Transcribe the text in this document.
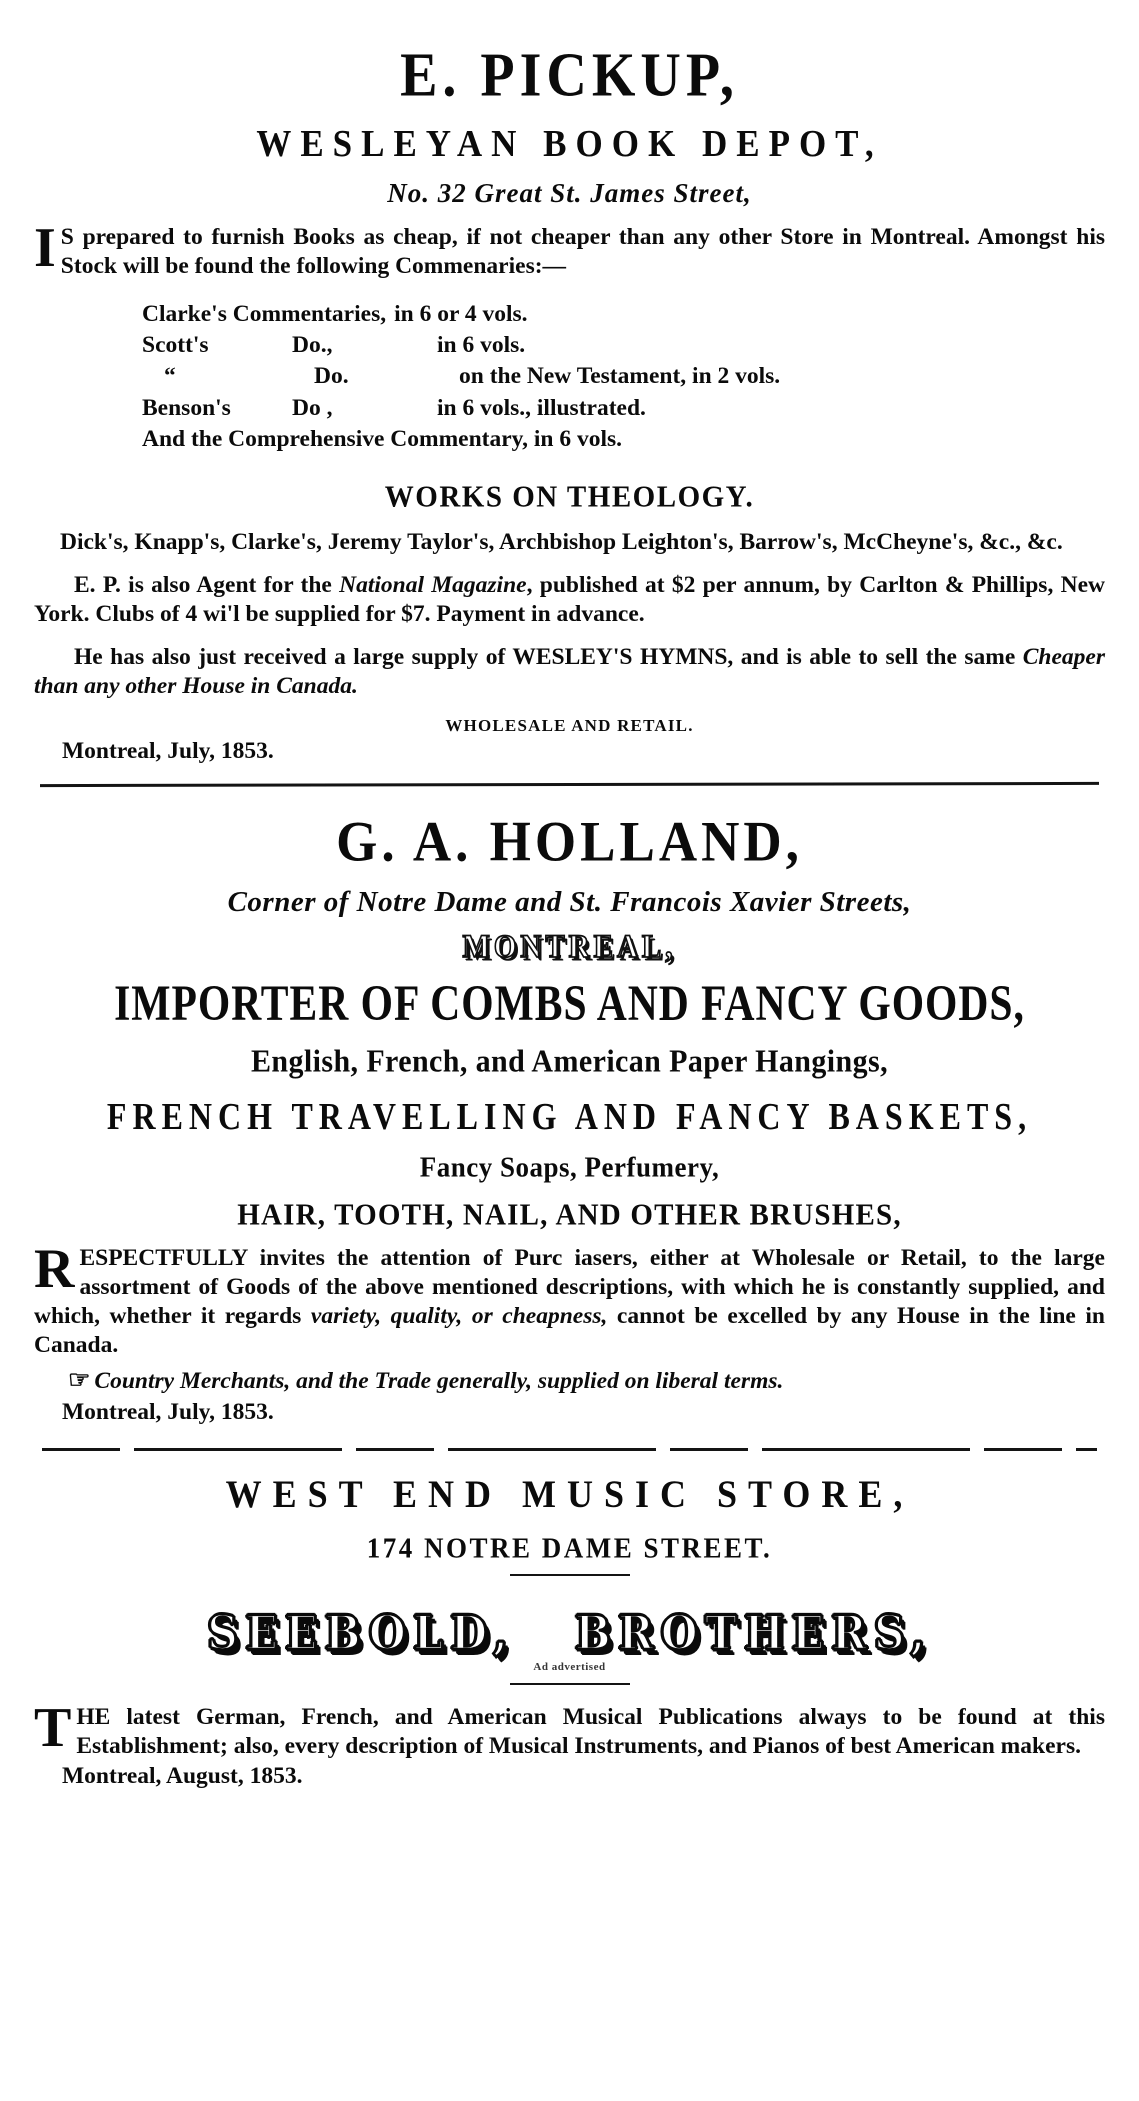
E. PICKUP,
WESLEYAN BOOK DEPOT,
No. 32 Great St. James Street,

I S prepared to furnish Books as cheap, if not cheaper than any other Store in Montreal. Amongst his Stock will be found the following Commenaries:—

Clarke's Commentaries, in 6 or 4 vols.
Scott's	Do.,	in 6 vols.
“	Do.	on the New Testament, in 2 vols.
Benson's	Do ,	in 6 vols., illustrated.
And the Comprehensive Commentary, in 6 vols.
WORKS ON THEOLOGY.

Dick's, Knapp's, Clarke's, Jeremy Taylor's, Archbishop Leighton's, Barrow's, McCheyne's, &c., &c.

E. P. is also Agent for the National Magazine, published at $2 per annum, by Carlton & Phillips, New York. Clubs of 4 wi'l be supplied for $7. Payment in advance.

He has also just received a large supply of WESLEY'S HYMNS, and is able to sell the same Cheaper than any other House in Canada.

WHOLESALE AND RETAIL.
Montreal, July, 1853.
G. A. HOLLAND,
Corner of Notre Dame and St. Francois Xavier Streets,
MONTREAL,
IMPORTER OF COMBS AND FANCY GOODS,
English, French, and American Paper Hangings,
FRENCH TRAVELLING AND FANCY BASKETS,
Fancy Soaps, Perfumery,
HAIR, TOOTH, NAIL, AND OTHER BRUSHES,

RESPECTFULLY invites the attention of Purc iasers, either at Wholesale or Retail, to the large assortment of Goods of the above mentioned descriptions, with which he is constantly supplied, and which, whether it regards variety, quality, or cheapness, cannot be excelled by any House in the line in Canada.

☞ Country Merchants, and the Trade generally, supplied on liberal terms.

Montreal, July, 1853.
WEST END MUSIC STORE,
174 NOTRE DAME STREET.
SEEBOLD, BROTHERS,
Ad advertised

THE latest German, French, and American Musical Publications always to be found at this Establishment; also, every description of Musical Instruments, and Pianos of best American makers.

Montreal, August, 1853.
